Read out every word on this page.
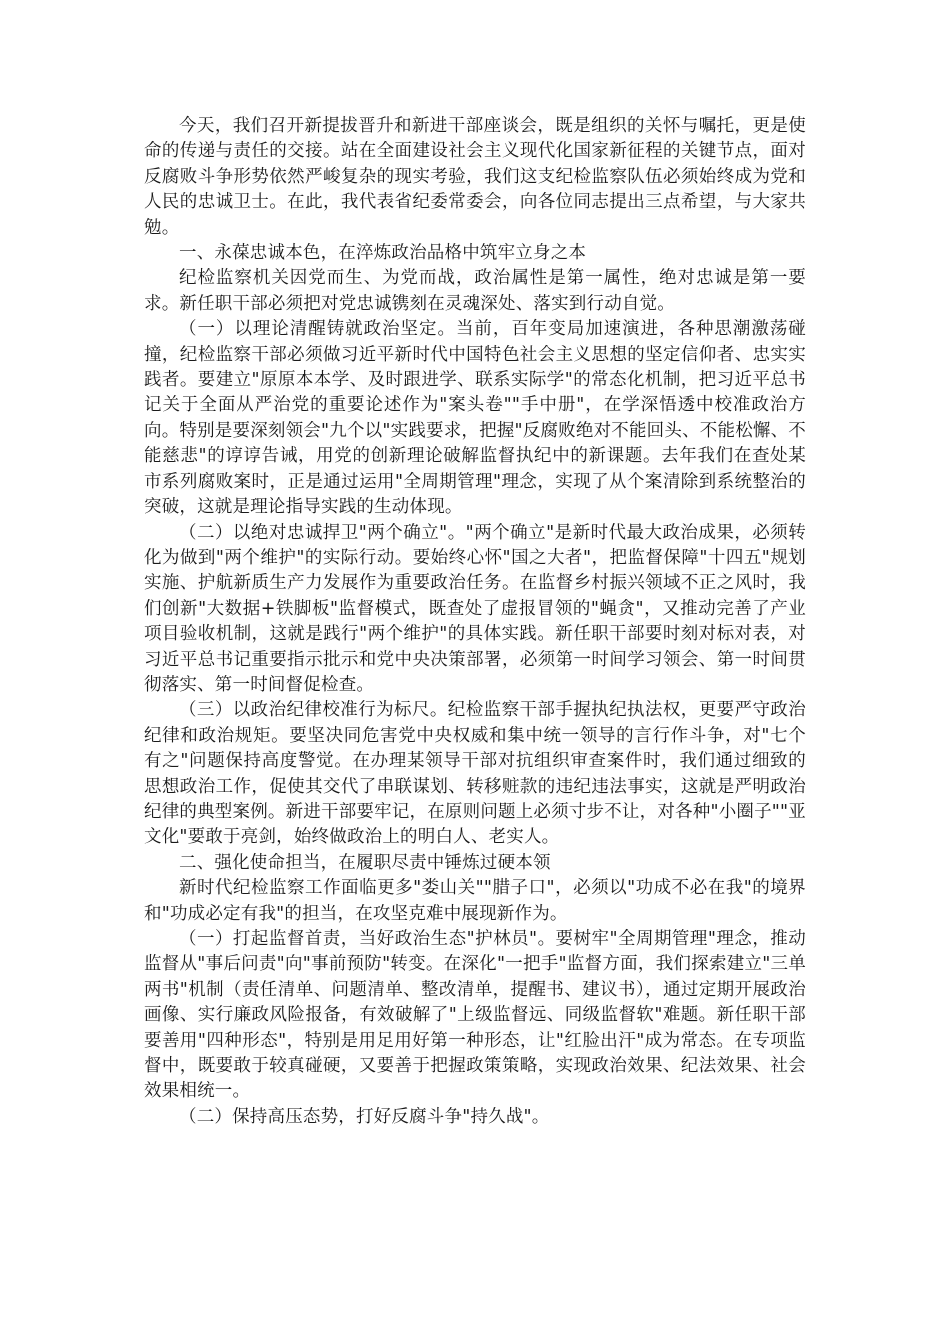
今天，我们召开新提拔晋升和新进干部座谈会，既是组织的关怀与嘱托，更是使命的传递与责任的交接。站在全面建设社会主义现代化国家新征程的关键节点，面对反腐败斗争形势依然严峻复杂的现实考验，我们这支纪检监察队伍必须始终成为党和人民的忠诚卫士。在此，我代表省纪委常委会，向各位同志提出三点希望，与大家共勉。

一、永葆忠诚本色，在淬炼政治品格中筑牢立身之本

纪检监察机关因党而生、为党而战，政治属性是第一属性，绝对忠诚是第一要求。新任职干部必须把对党忠诚镌刻在灵魂深处、落实到行动自觉。

（一）以理论清醒铸就政治坚定。当前，百年变局加速演进，各种思潮激荡碰撞，纪检监察干部必须做习近平新时代中国特色社会主义思想的坚定信仰者、忠实实践者。要建立"原原本本学、及时跟进学、联系实际学"的常态化机制，把习近平总书记关于全面从严治党的重要论述作为"案头卷""手中册"，在学深悟透中校准政治方向。特别是要深刻领会"九个以"实践要求，把握"反腐败绝对不能回头、不能松懈、不能慈悲"的谆谆告诫，用党的创新理论破解监督执纪中的新课题。去年我们在查处某市系列腐败案时，正是通过运用"全周期管理"理念，实现了从个案清除到系统整治的突破，这就是理论指导实践的生动体现。

（二）以绝对忠诚捍卫"两个确立"。"两个确立"是新时代最大政治成果，必须转化为做到"两个维护"的实际行动。要始终心怀"国之大者"，把监督保障"十四五"规划实施、护航新质生产力发展作为重要政治任务。在监督乡村振兴领域不正之风时，我们创新"大数据+铁脚板"监督模式，既查处了虚报冒领的"蝇贪"，又推动完善了产业项目验收机制，这就是践行"两个维护"的具体实践。新任职干部要时刻对标对表，对习近平总书记重要指示批示和党中央决策部署，必须第一时间学习领会、第一时间贯彻落实、第一时间督促检查。

（三）以政治纪律校准行为标尺。纪检监察干部手握执纪执法权，更要严守政治纪律和政治规矩。要坚决同危害党中央权威和集中统一领导的言行作斗争，对"七个有之"问题保持高度警觉。在办理某领导干部对抗组织审查案件时，我们通过细致的思想政治工作，促使其交代了串联谋划、转移赃款的违纪违法事实，这就是严明政治纪律的典型案例。新进干部要牢记，在原则问题上必须寸步不让，对各种"小圈子""亚文化"要敢于亮剑，始终做政治上的明白人、老实人。

二、强化使命担当，在履职尽责中锤炼过硬本领

新时代纪检监察工作面临更多"娄山关""腊子口"，必须以"功成不必在我"的境界和"功成必定有我"的担当，在攻坚克难中展现新作为。

（一）打起监督首责，当好政治生态"护林员"。要树牢"全周期管理"理念，推动监督从"事后问责"向"事前预防"转变。在深化"一把手"监督方面，我们探索建立"三单两书"机制（责任清单、问题清单、整改清单，提醒书、建议书），通过定期开展政治画像、实行廉政风险报备，有效破解了"上级监督远、同级监督软"难题。新任职干部要善用"四种形态"，特别是用足用好第一种形态，让"红脸出汗"成为常态。在专项监督中，既要敢于较真碰硬，又要善于把握政策策略，实现政治效果、纪法效果、社会效果相统一。

（二）保持高压态势，打好反腐斗争"持久战"。
